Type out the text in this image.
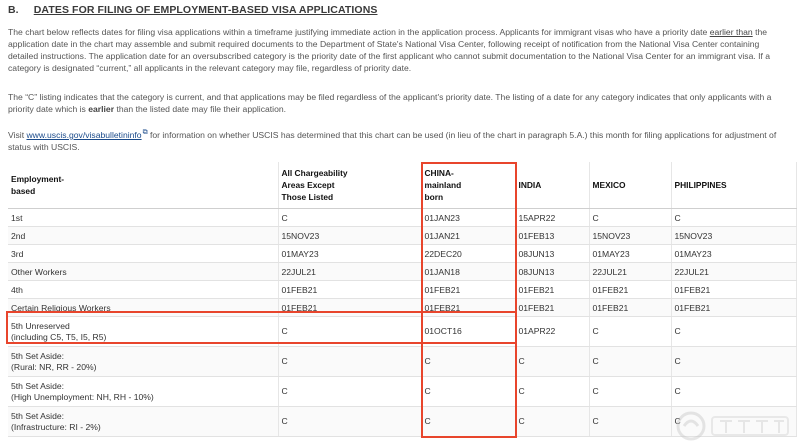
B. DATES FOR FILING OF EMPLOYMENT-BASED VISA APPLICATIONS

The chart below reflects dates for filing visa applications within a timeframe justifying immediate action in the application process. Applicants for immigrant visas who have a priority date earlier than the application date in the chart may assemble and submit required documents to the Department of State's National Visa Center, following receipt of notification from the National Visa Center containing detailed instructions. The application date for an oversubscribed category is the priority date of the first applicant who cannot submit documentation to the National Visa Center for an immigrant visa. If a category is designated “current,” all applicants in the relevant category may file, regardless of priority date.

The “C” listing indicates that the category is current, and that applications may be filed regardless of the applicant's priority date. The listing of a date for any category indicates that only applicants with a priority date which is earlier than the listed date may file their application.

Visit www.uscis.gov/visabulletininfo⧉ for information on whether USCIS has determined that this chart can be used (in lieu of the chart in paragraph 5.A.) this month for filing applications for adjustment of status with USCIS.

Employment-
based	All Chargeability
Areas Except
Those Listed	CHINA-
mainland
born	INDIA	MEXICO	PHILIPPINES

1st	C	01JAN23	15APR22	C	C
2nd	15NOV23	01JAN21	01FEB13	15NOV23	15NOV23
3rd	01MAY23	22DEC20	08JUN13	01MAY23	01MAY23
Other Workers	22JUL21	01JAN18	08JUN13	22JUL21	22JUL21
4th	01FEB21	01FEB21	01FEB21	01FEB21	01FEB21
Certain Religious Workers	01FEB21	01FEB21	01FEB21	01FEB21	01FEB21

5th Unreserved
(including C5, T5, I5, R5)	C	01OCT16	01APR22	C	C

5th Set Aside:
(Rural: NR, RR - 20%)	C	C	C	C	C

5th Set Aside:
(High Unemployment: NH, RH - 10%)	C	C	C	C	C

5th Set Aside:
(Infrastructure: RI - 2%)	C	C	C	C	C
